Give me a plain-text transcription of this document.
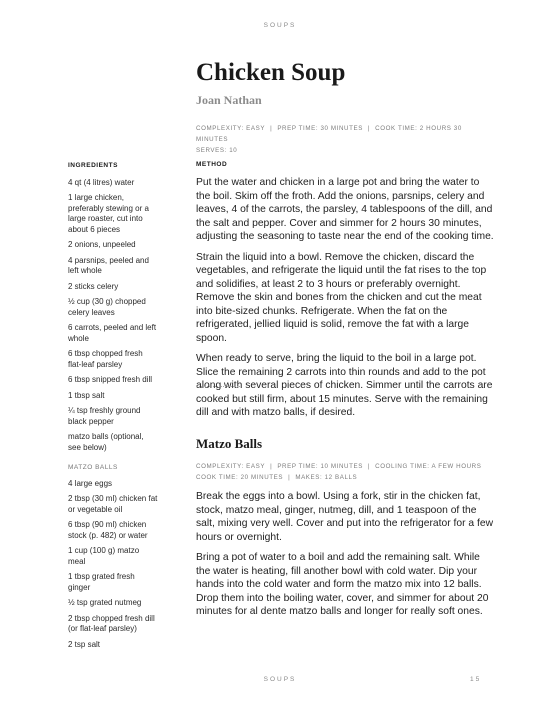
SOUPS
Chicken Soup
Joan Nathan
COMPLEXITY: EASY | PREP TIME: 30 MINUTES | COOK TIME: 2 HOURS 30 MINUTES
SERVES: 10
INGREDIENTS
4 qt (4 litres) water
1 large chicken, preferably stewing or a large roaster, cut into about 6 pieces
2 onions, unpeeled
4 parsnips, peeled and left whole
2 sticks celery
½ cup (30 g) chopped celery leaves
6 carrots, peeled and left whole
6 tbsp chopped fresh flat-leaf parsley
6 tbsp snipped fresh dill
1 tbsp salt
¼ tsp freshly ground black pepper
matzo balls (optional, see below)
MATZO BALLS
4 large eggs
2 tbsp (30 ml) chicken fat or vegetable oil
6 tbsp (90 ml) chicken stock (p. 482) or water
1 cup (100 g) matzo meal
1 tbsp grated fresh ginger
½ tsp grated nutmeg
2 tbsp chopped fresh dill (or flat-leaf parsley)
2 tsp salt
METHOD

Put the water and chicken in a large pot and bring the water to the boil. Skim off the froth. Add the onions, parsnips, celery and leaves, 4 of the carrots, the parsley, 4 tablespoons of the dill, and the salt and pepper. Cover and simmer for 2 hours 30 minutes, adjusting the seasoning to taste near the end of the cooking time.

Strain the liquid into a bowl. Remove the chicken, discard the vegetables, and refrigerate the liquid until the fat rises to the top and solidifies, at least 2 to 3 hours or preferably overnight. Remove the skin and bones from the chicken and cut the meat into bite-sized chunks. Refrigerate. When the fat on the refrigerated, jellied liquid is solid, remove the fat with a large spoon.

When ready to serve, bring the liquid to the boil in a large pot. Slice the remaining 2 carrots into thin rounds and add to the pot along with several pieces of chicken. Simmer until the carrots are cooked but still firm, about 15 minutes. Serve with the remaining dill and with matzo balls, if desired.

Matzo Balls
COMPLEXITY: EASY | PREP TIME: 10 MINUTES | COOLING TIME: A FEW HOURS
COOK TIME: 20 MINUTES | MAKES: 12 BALLS

Break the eggs into a bowl. Using a fork, stir in the chicken fat, stock, matzo meal, ginger, nutmeg, dill, and 1 teaspoon of the salt, mixing very well. Cover and put into the refrigerator for a few hours or overnight.

Bring a pot of water to a boil and add the remaining salt. While the water is heating, fill another bowl with cold water. Dip your hands into the cold water and form the matzo mix into 12 balls. Drop them into the boiling water, cover, and simmer for about 20 minutes for al dente matzo balls and longer for really soft ones.

SOUPS	15
